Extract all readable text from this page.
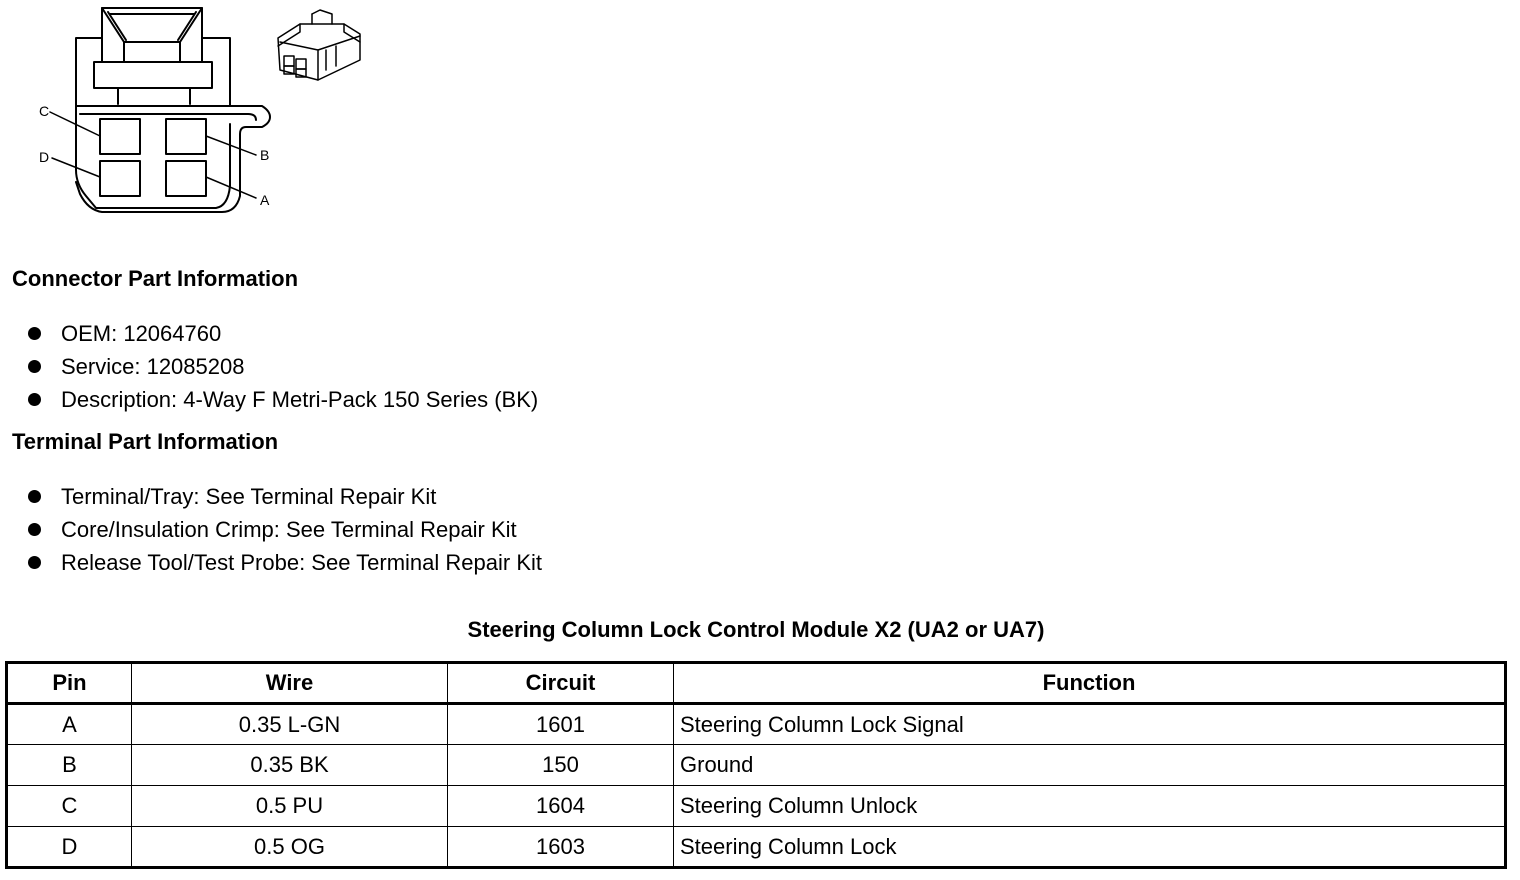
C
D	B
A
Connector Part Information
OEM: 12064760
Service: 12085208
Description: 4-Way F Metri-Pack 150 Series (BK)
Terminal Part Information
Terminal/Tray: See Terminal Repair Kit
Core/Insulation Crimp: See Terminal Repair Kit
Release Tool/Test Probe: See Terminal Repair Kit
Steering Column Lock Control Module X2 (UA2 or UA7)
Pin	Wire	Circuit	Function
A	0.35 L-GN	1601	Steering Column Lock Signal
B	0.35 BK	150	Ground
C	0.5 PU	1604	Steering Column Unlock
D	0.5 OG	1603	Steering Column Lock
